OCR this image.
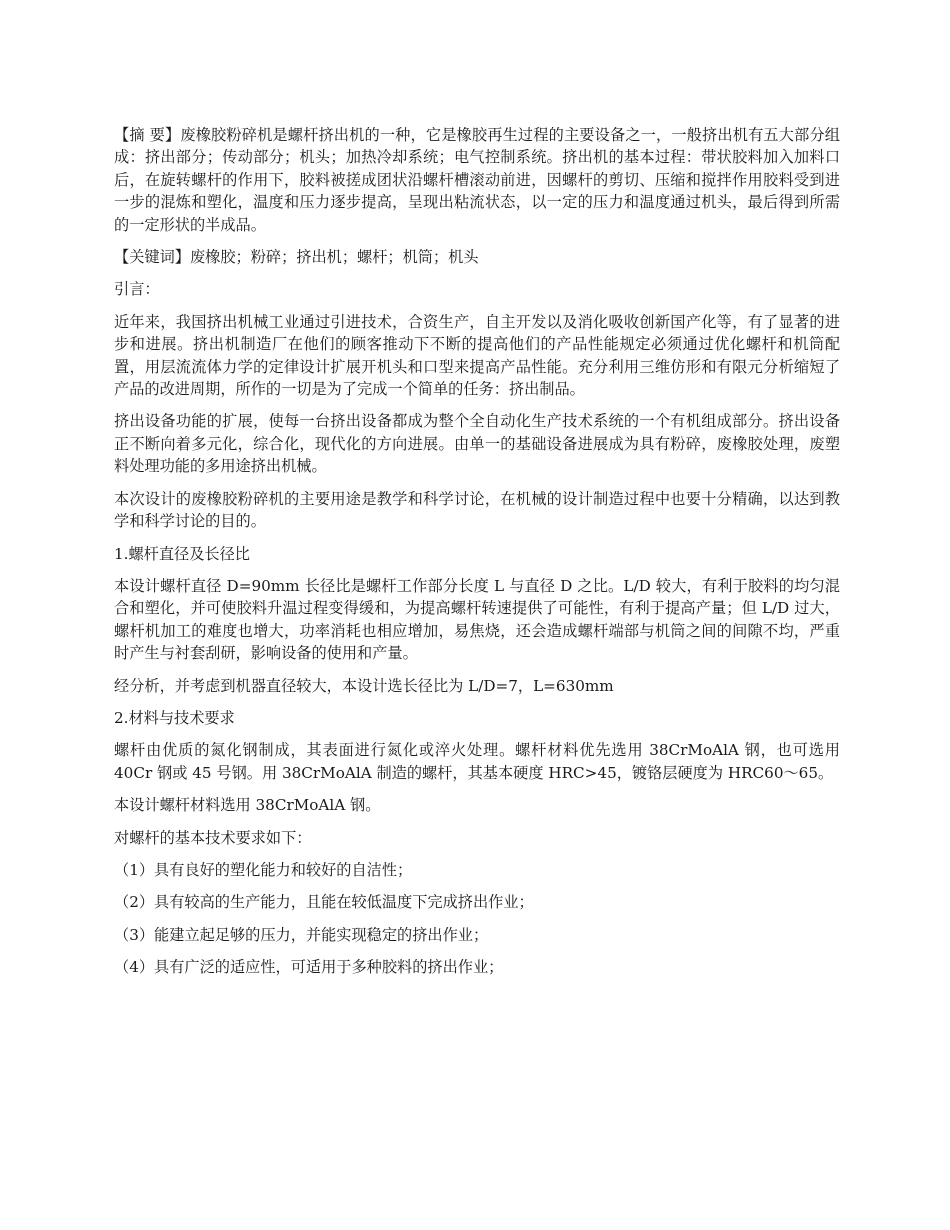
【摘 要】废橡胶粉碎机是螺杆挤出机的一种，它是橡胶再生过程的主要设备之一，一般挤出机有五大部分组成：挤出部分；传动部分；机头；加热冷却系统；电气控制系统。挤出机的基本过程：带状胶料加入加料口后，在旋转螺杆的作用下，胶料被搓成团状沿螺杆槽滚动前进，因螺杆的剪切、压缩和搅拌作用胶料受到进一步的混炼和塑化，温度和压力逐步提高，呈现出粘流状态，以一定的压力和温度通过机头，最后得到所需的一定形状的半成品。

【关键词】废橡胶；粉碎；挤出机；螺杆；机筒；机头

引言：

近年来，我国挤出机械工业通过引进技术，合资生产，自主开发以及消化吸收创新国产化等，有了显著的进步和进展。挤出机制造厂在他们的顾客推动下不断的提高他们的产品性能规定必须通过优化螺杆和机筒配置，用层流流体力学的定律设计扩展开机头和口型来提高产品性能。充分利用三维仿形和有限元分析缩短了产品的改进周期，所作的一切是为了完成一个简单的任务：挤出制品。

挤出设备功能的扩展，使每一台挤出设备都成为整个全自动化生产技术系统的一个有机组成部分。挤出设备正不断向着多元化，综合化，现代化的方向进展。由单一的基础设备进展成为具有粉碎，废橡胶处理，废塑料处理功能的多用途挤出机械。

本次设计的废橡胶粉碎机的主要用途是教学和科学讨论，在机械的设计制造过程中也要十分精确，以达到教学和科学讨论的目的。

1.螺杆直径及长径比

本设计螺杆直径 D=90mm 长径比是螺杆工作部分长度 L 与直径 D 之比。L/D 较大，有利于胶料的均匀混合和塑化，并可使胶料升温过程变得缓和，为提高螺杆转速提供了可能性，有利于提高产量；但 L/D 过大，螺杆机加工的难度也增大，功率消耗也相应增加，易焦烧，还会造成螺杆端部与机筒之间的间隙不均，严重时产生与衬套刮研，影响设备的使用和产量。

经分析，并考虑到机器直径较大，本设计选长径比为 L/D=7，L=630mm

2.材料与技术要求

螺杆由优质的氮化钢制成，其表面进行氮化或淬火处理。螺杆材料优先选用 38CrMoAlA 钢，也可选用 40Cr 钢或 45 号钢。用 38CrMoAlA 制造的螺杆，其基本硬度 HRC>45，镀铬层硬度为 HRC60～65。

本设计螺杆材料选用 38CrMoAlA 钢。

对螺杆的基本技术要求如下：

（1）具有良好的塑化能力和较好的自洁性；

（2）具有较高的生产能力，且能在较低温度下完成挤出作业；

（3）能建立起足够的压力，并能实现稳定的挤出作业；

（4）具有广泛的适应性，可适用于多种胶料的挤出作业；
